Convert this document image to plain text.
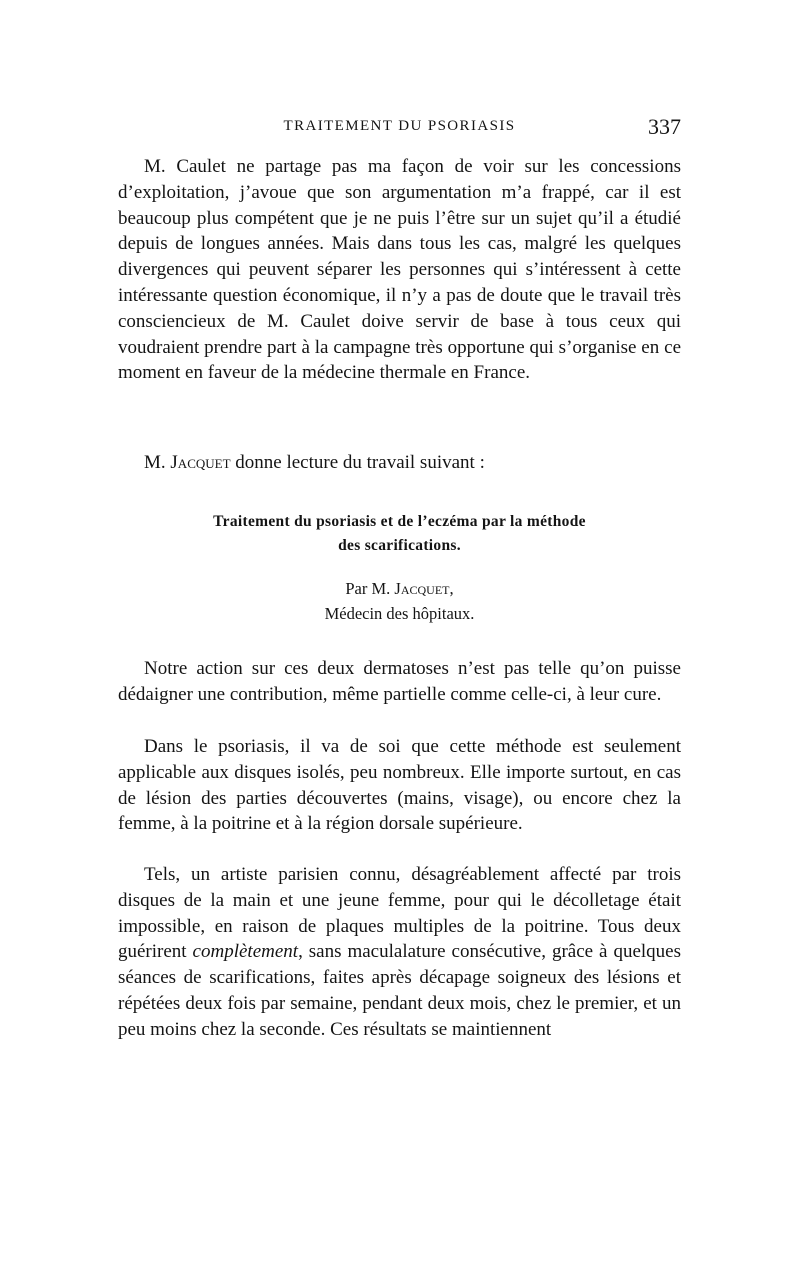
TRAITEMENT DU PSORIASIS	337

M. Caulet ne partage pas ma façon de voir sur les concessions d’exploitation, j’avoue que son argumentation m’a frappé, car il est beaucoup plus compétent que je ne puis l’être sur un sujet qu’il a étudié depuis de longues années. Mais dans tous les cas, malgré les quelques divergences qui peuvent séparer les personnes qui s’intéressent à cette intéressante question économique, il n’y a pas de doute que le travail très consciencieux de M. Caulet doive servir de base à tous ceux qui voudraient prendre part à la campagne très opportune qui s’organise en ce moment en faveur de la médecine thermale en France.

M. Jacquet donne lecture du travail suivant :

Traitement du psoriasis et de l’eczéma par la méthode
des scarifications.
Par M. Jacquet,
Médecin des hôpitaux.

Notre action sur ces deux dermatoses n’est pas telle qu’on puisse dédaigner une contribution, même partielle comme celle-ci, à leur cure.

Dans le psoriasis, il va de soi que cette méthode est seulement applicable aux disques isolés, peu nombreux. Elle importe surtout, en cas de lésion des parties découvertes (mains, visage), ou encore chez la femme, à la poitrine et à la région dorsale supérieure.

Tels, un artiste parisien connu, désagréablement affecté par trois disques de la main et une jeune femme, pour qui le décolletage était impossible, en raison de plaques multiples de la poitrine. Tous deux guérirent complètement, sans maculalature consécutive, grâce à quelques séances de scarifications, faites après décapage soigneux des lésions et répétées deux fois par semaine, pendant deux mois, chez le premier, et un peu moins chez la seconde. Ces résultats se maintiennent
